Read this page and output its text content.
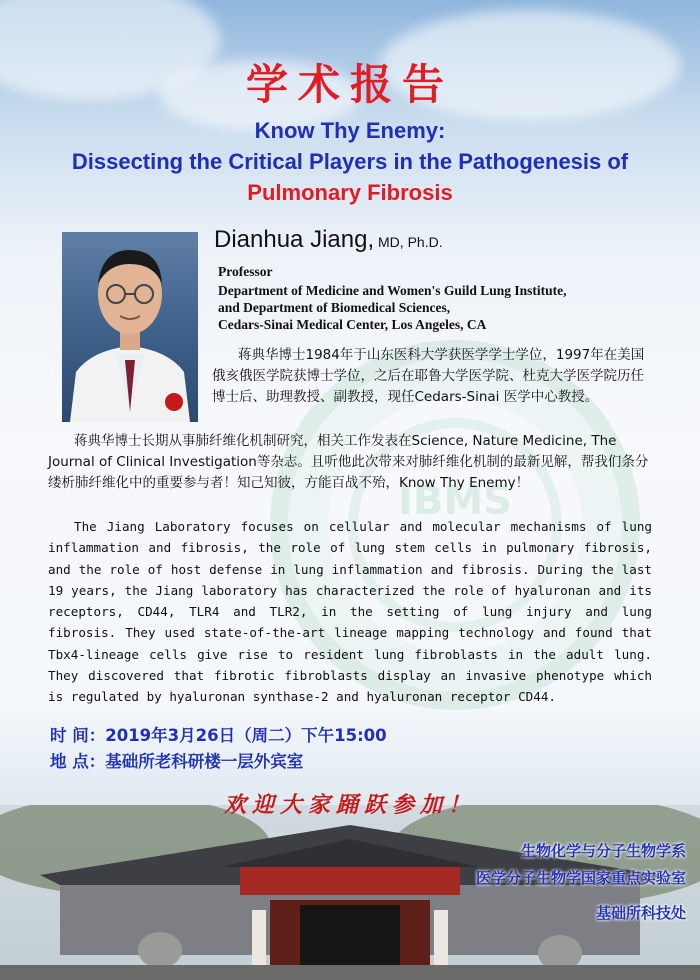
IBMS
学术报告
Know Thy Enemy:
Dissecting the Critical Players in the Pathogenesis of
Pulmonary Fibrosis
Dianhua Jiang, MD, Ph.D.
Professor
Department of Medicine and Women's Guild Lung Institute,
and Department of Biomedical Sciences,
Cedars-Sinai Medical Center, Los Angeles, CA
蒋典华博士1984年于山东医科大学获医学学士学位，1997年在美国俄亥俄医学院获博士学位，之后在耶鲁大学医学院、杜克大学医学院历任博士后、助理教授、副教授，现任Cedars-Sinai 医学中心教授。
蒋典华博士长期从事肺纤维化机制研究，相关工作发表在Science, Nature Medicine, The Journal of Clinical Investigation等杂志。且听他此次带来对肺纤维化机制的最新见解，帮我们条分缕析肺纤维化中的重要参与者！知己知彼，方能百战不殆，Know Thy Enemy！
The Jiang Laboratory focuses on cellular and molecular mechanisms of lung inflammation and fibrosis, the role of lung stem cells in pulmonary fibrosis, and the role of host defense in lung inflammation and fibrosis. During the last 19 years, the Jiang laboratory has characterized the role of hyaluronan and its receptors, CD44, TLR4 and TLR2, in the setting of lung injury and lung fibrosis. They used state-of-the-art lineage mapping technology and found that Tbx4-lineage cells give rise to resident lung fibroblasts in the adult lung. They discovered that fibrotic fibroblasts display an invasive phenotype which is regulated by hyaluronan synthase-2 and hyaluronan receptor CD44.
时 间：2019年3月26日（周二）下午15:00
地 点：基础所老科研楼一层外宾室
欢迎大家踊跃参加！
生物化学与分子生物学系
医学分子生物学国家重点实验室
基础所科技处
